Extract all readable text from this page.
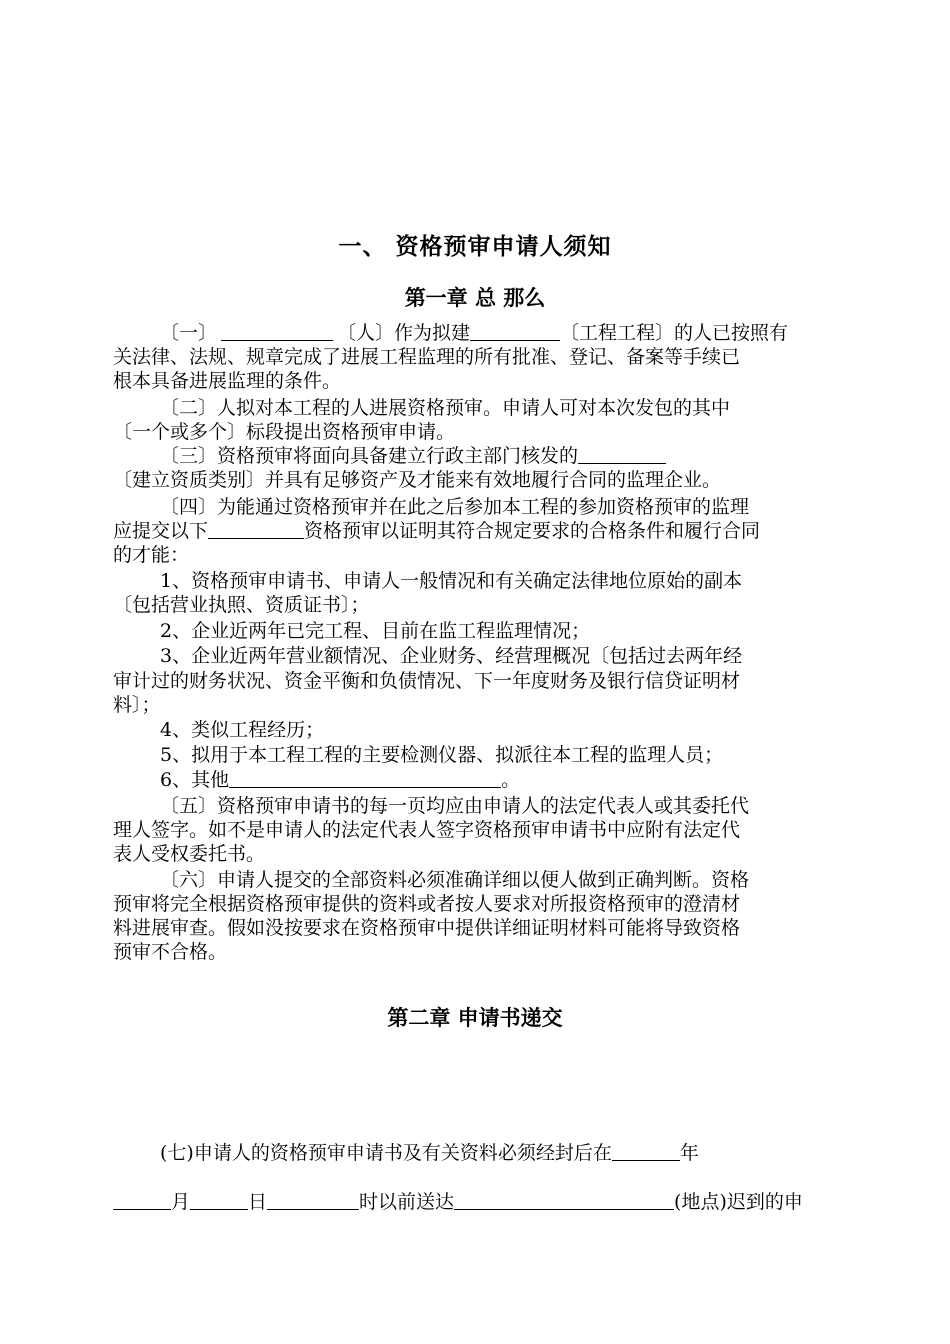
一、 资格预审申请人须知
第一章 总 那么
〔一〕	〔人〕作为拟建	〔工程工程〕的人已按照有
关法律、法规、规章完成了进展工程监理的所有批准、登记、备案等手续已
根本具备进展监理的条件。
〔二〕人拟对本工程的人进展资格预审。申请人可对本次发包的其中
〔一个或多个〕标段提出资格预审申请。
〔三〕资格预审将面向具备建立行政主部门核发的
〔建立资质类别〕并具有足够资产及才能来有效地履行合同的监理企业。
〔四〕为能通过资格预审并在此之后参加本工程的参加资格预审的监理
应提交以下	资格预审以证明其符合规定要求的合格条件和履行合同
的才能：
1、资格预审申请书、申请人一般情况和有关确定法律地位原始的副本
〔包括营业执照、资质证书〕；
2、企业近两年已完工程、目前在监工程监理情况；
3、企业近两年营业额情况、企业财务、经营理概况〔包括过去两年经
审计过的财务状况、资金平衡和负债情况、下一年度财务及银行信贷证明材
料〕；
4、类似工程经历；
5、拟用于本工程工程的主要检测仪器、拟派往本工程的监理人员；
6、其他	。
〔五〕资格预审申请书的每一页均应由申请人的法定代表人或其委托代
理人签字。如不是申请人的法定代表人签字资格预审申请书中应附有法定代
表人受权委托书。
〔六〕申请人提交的全部资料必须准确详细以便人做到正确判断。资格
预审将完全根据资格预审提供的资料或者按人要求对所报资格预审的澄清材
料进展审查。假如没按要求在资格预审中提供详细证明材料可能将导致资格
预审不合格。
第二章 申请书递交
(七)申请人的资格预审申请书及有关资料必须经封后在	年
月	日	时以前送达	(地点)迟到的申
